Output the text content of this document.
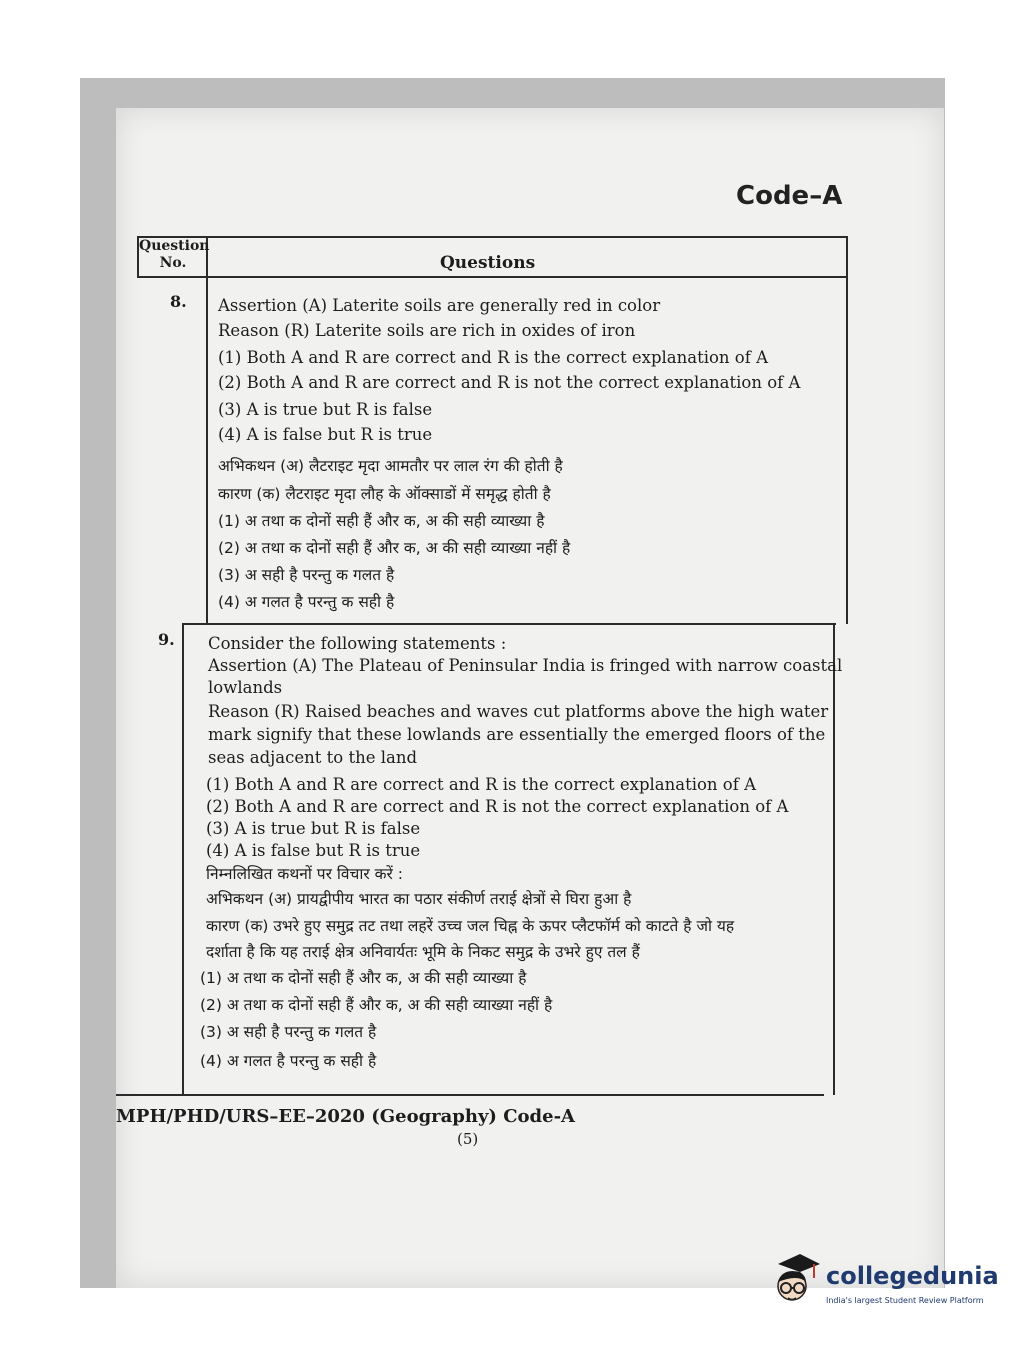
Code–A
Question No.	Questions
8. Assertion (A) Laterite soils are generally red in color
Reason (R) Laterite soils are rich in oxides of iron
(1) Both A and R are correct and R is the correct explanation of A
(2) Both A and R are correct and R is not the correct explanation of A
(3) A is true but R is false
(4) A is false but R is true
अभिकथन (अ) लैटराइट मृदा आमतौर पर लाल रंग की होती है
कारण (क) लैटराइट मृदा लौह के ऑक्साडों में समृद्ध होती है
(1) अ तथा क दोनों सही हैं और क, अ की सही व्याख्या है
(2) अ तथा क दोनों सही हैं और क, अ की सही व्याख्या नहीं है
(3) अ सही है परन्तु क गलत है
(4) अ गलत है परन्तु क सही है
9. Consider the following statements :
Assertion (A) The Plateau of Peninsular India is fringed with narrow coastal
lowlands
Reason (R) Raised beaches and waves cut platforms above the high water
mark signify that these lowlands are essentially the emerged floors of the
seas adjacent to the land
(1) Both A and R are correct and R is the correct explanation of A
(2) Both A and R are correct and R is not the correct explanation of A
(3) A is true but R is false
(4) A is false but R is true
निम्नलिखित कथनों पर विचार करें :
अभिकथन (अ) प्रायद्वीपीय भारत का पठार संकीर्ण तराई क्षेत्रों से घिरा हुआ है
कारण (क) उभरे हुए समुद्र तट तथा लहरें उच्च जल चिह्न के ऊपर प्लैटफॉर्म को काटते है जो यह
दर्शाता है कि यह तराई क्षेत्र अनिवार्यतः भूमि के निकट समुद्र के उभरे हुए तल हैं
(1) अ तथा क दोनों सही हैं और क, अ की सही व्याख्या है
(2) अ तथा क दोनों सही हैं और क, अ की सही व्याख्या नहीं है
(3) अ सही है परन्तु क गलत है
(4) अ गलत है परन्तु क सही है
MPH/PHD/URS–EE–2020 (Geography) Code-A
(5)
collegedunia
India's largest Student Review Platform
